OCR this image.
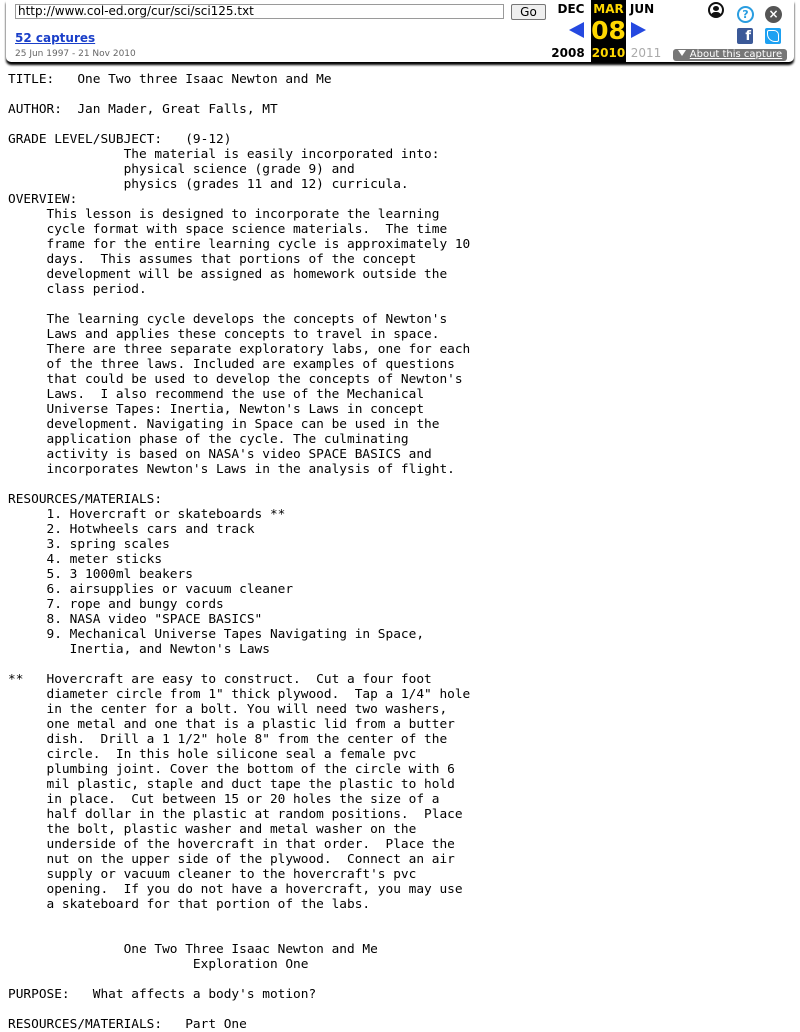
http://www.col-ed.org/cur/sci/sci125.txt
Go
52 captures
25 Jun 1997 - 21 Nov 2010
DEC MAR JUN
08
2008 2010 2011
?	×
f
About this capture
TITLE:   One Two three Isaac Newton and Me

AUTHOR:  Jan Mader, Great Falls, MT

GRADE LEVEL/SUBJECT:   (9-12)
The material is easily incorporated into:
physical science (grade 9) and
physics (grades 11 and 12) curricula.
OVERVIEW:
This lesson is designed to incorporate the learning
cycle format with space science materials.  The time
frame for the entire learning cycle is approximately 10
days.  This assumes that portions of the concept
development will be assigned as homework outside the
class period.

The learning cycle develops the concepts of Newton's
Laws and applies these concepts to travel in space.
There are three separate exploratory labs, one for each
of the three laws. Included are examples of questions
that could be used to develop the concepts of Newton's
Laws.  I also recommend the use of the Mechanical
Universe Tapes: Inertia, Newton's Laws in concept
development. Navigating in Space can be used in the
application phase of the cycle. The culminating
activity is based on NASA's video SPACE BASICS and
incorporates Newton's Laws in the analysis of flight.

RESOURCES/MATERIALS:
1. Hovercraft or skateboards **
2. Hotwheels cars and track
3. spring scales
4. meter sticks
5. 3 1000ml beakers
6. airsupplies or vacuum cleaner
7. rope and bungy cords
8. NASA video "SPACE BASICS"
9. Mechanical Universe Tapes Navigating in Space,
Inertia, and Newton's Laws

**   Hovercraft are easy to construct.  Cut a four foot
diameter circle from 1" thick plywood.  Tap a 1/4" hole
in the center for a bolt. You will need two washers,
one metal and one that is a plastic lid from a butter
dish.  Drill a 1 1/2" hole 8" from the center of the
circle.  In this hole silicone seal a female pvc
plumbing joint. Cover the bottom of the circle with 6
mil plastic, staple and duct tape the plastic to hold
in place.  Cut between 15 or 20 holes the size of a
half dollar in the plastic at random positions.  Place
the bolt, plastic washer and metal washer on the
underside of the hovercraft in that order.  Place the
nut on the upper side of the plywood.  Connect an air
supply or vacuum cleaner to the hovercraft's pvc
opening.  If you do not have a hovercraft, you may use
a skateboard for that portion of the labs.

One Two Three Isaac Newton and Me
Exploration One

PURPOSE:   What affects a body's motion?

RESOURCES/MATERIALS:   Part One
